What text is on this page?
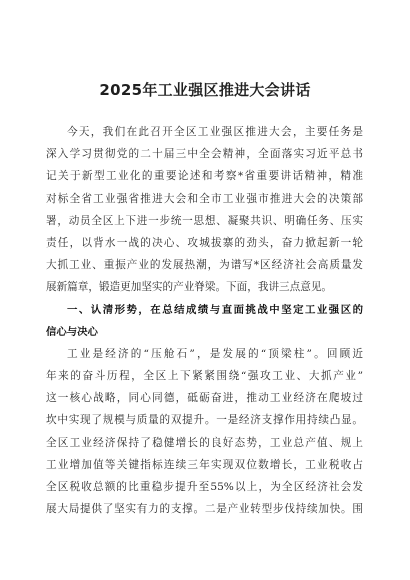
2025年工业强区推进大会讲话
今天，我们在此召开全区工业强区推进大会，主要任务是
深入学习贯彻党的二十届三中全会精神，全面落实习近平总书
记关于新型工业化的重要论述和考察*省重要讲话精神，精准
对标全省工业强省推进大会和全市工业强市推进大会的决策部
署，动员全区上下进一步统一思想、凝聚共识、明确任务、压实
责任，以背水一战的决心、攻城拔寨的劲头，奋力掀起新一轮
大抓工业、重振产业的发展热潮，为谱写*区经济社会高质量发
展新篇章，锻造更加坚实的产业脊梁。下面，我讲三点意见。
一、认清形势，在总结成绩与直面挑战中坚定工业强区的
信心与决心
工业是经济的“压舱石”，是发展的“顶梁柱”。回顾近
年来的奋斗历程，全区上下紧紧围绕“强攻工业、大抓产业”
这一核心战略，同心同德，砥砺奋进，推动工业经济在爬坡过
坎中实现了规模与质量的双提升。一是经济支撑作用持续凸显。
全区工业经济保持了稳健增长的良好态势，工业总产值、规上
工业增加值等关键指标连续三年实现双位数增长，工业税收占
全区税收总额的比重稳步提升至55%以上，为全区经济社会发
展大局提供了坚实有力的支撑。二是产业转型步伐持续加快。围
